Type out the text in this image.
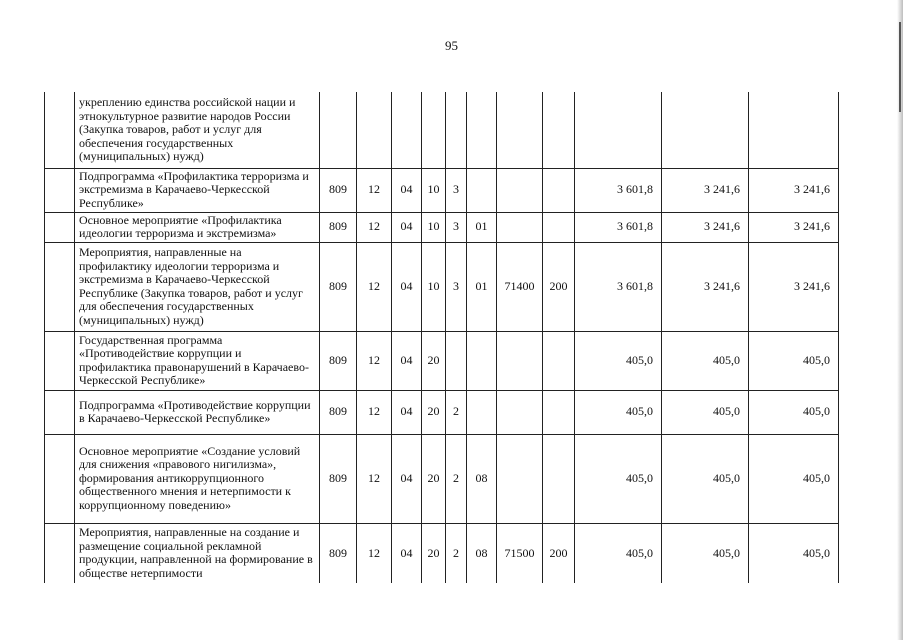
95
	укреплению единства российской нации и этнокультурное развитие народов России (Закупка товаров, работ и услуг для обеспечения государственных (муниципальных) нужд)											
	Подпрограмма «Профилактика терроризма и экстремизма в Карачаево-Черкесской Республике»	809	12	04	10	3				3 601,8	3 241,6	3 241,6
	Основное мероприятие «Профилактика идеологии терроризма и экстремизма»	809	12	04	10	3	01			3 601,8	3 241,6	3 241,6
	Мероприятия, направленные на профилактику идеологии терроризма и экстремизма в Карачаево-Черкесской Республике (Закупка товаров, работ и услуг для обеспечения государственных (муниципальных) нужд)	809	12	04	10	3	01	71400	200	3 601,8	3 241,6	3 241,6
	Государственная программа «Противодействие коррупции и профилактика правонарушений в Карачаево-Черкесской Республике»	809	12	04	20					405,0	405,0	405,0
	Подпрограмма «Противодействие коррупции в Карачаево-Черкесской Республике»	809	12	04	20	2				405,0	405,0	405,0
	Основное мероприятие «Создание условий для снижения «правового нигилизма», формирования антикоррупционного общественного мнения и нетерпимости к коррупционному поведению»	809	12	04	20	2	08			405,0	405,0	405,0
	Мероприятия, направленные на создание и размещение социальной рекламной продукции, направленной на формирование в обществе нетерпимости	809	12	04	20	2	08	71500	200	405,0	405,0	405,0
